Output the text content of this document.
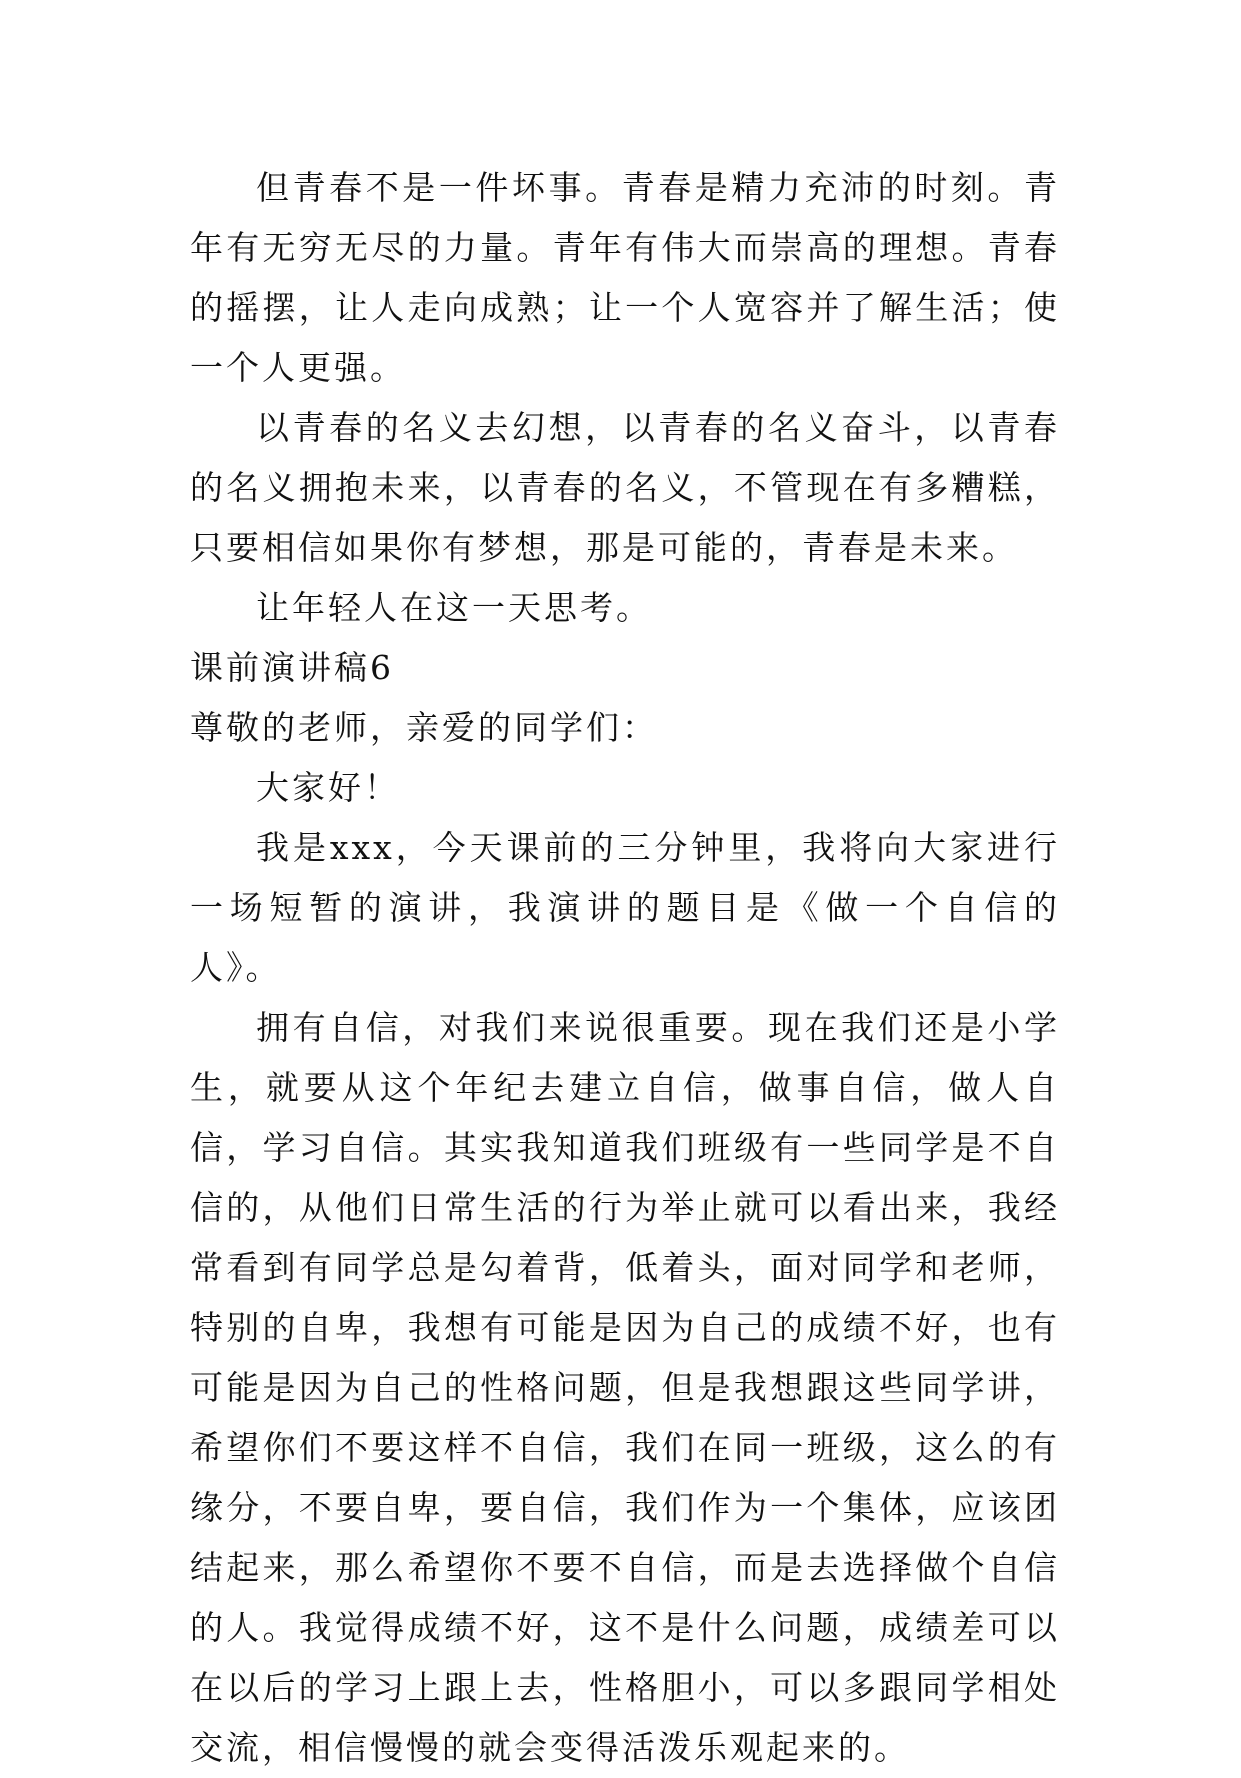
但青春不是一件坏事。青春是精力充沛的时刻。青年有无穷无尽的力量。青年有伟大而崇高的理想。青春的摇摆，让人走向成熟；让一个人宽容并了解生活；使一个人更强。

以青春的名义去幻想，以青春的名义奋斗，以青春的名义拥抱未来，以青春的名义，不管现在有多糟糕，只要相信如果你有梦想，那是可能的，青春是未来。

让年轻人在这一天思考。

课前演讲稿6

尊敬的老师，亲爱的同学们：

大家好！

我是xxx，今天课前的三分钟里，我将向大家进行一场短暂的演讲，我演讲的题目是《做一个自信的人》。

拥有自信，对我们来说很重要。现在我们还是小学生，就要从这个年纪去建立自信，做事自信，做人自信，学习自信。其实我知道我们班级有一些同学是不自信的，从他们日常生活的行为举止就可以看出来，我经常看到有同学总是勾着背，低着头，面对同学和老师，特别的自卑，我想有可能是因为自己的成绩不好，也有可能是因为自己的性格问题，但是我想跟这些同学讲，希望你们不要这样不自信，我们在同一班级，这么的有缘分，不要自卑，要自信，我们作为一个集体，应该团结起来，那么希望你不要不自信，而是去选择做个自信的人。我觉得成绩不好，这不是什么问题，成绩差可以在以后的学习上跟上去，性格胆小，可以多跟同学相处交流，相信慢慢的就会变得活泼乐观起来的。
